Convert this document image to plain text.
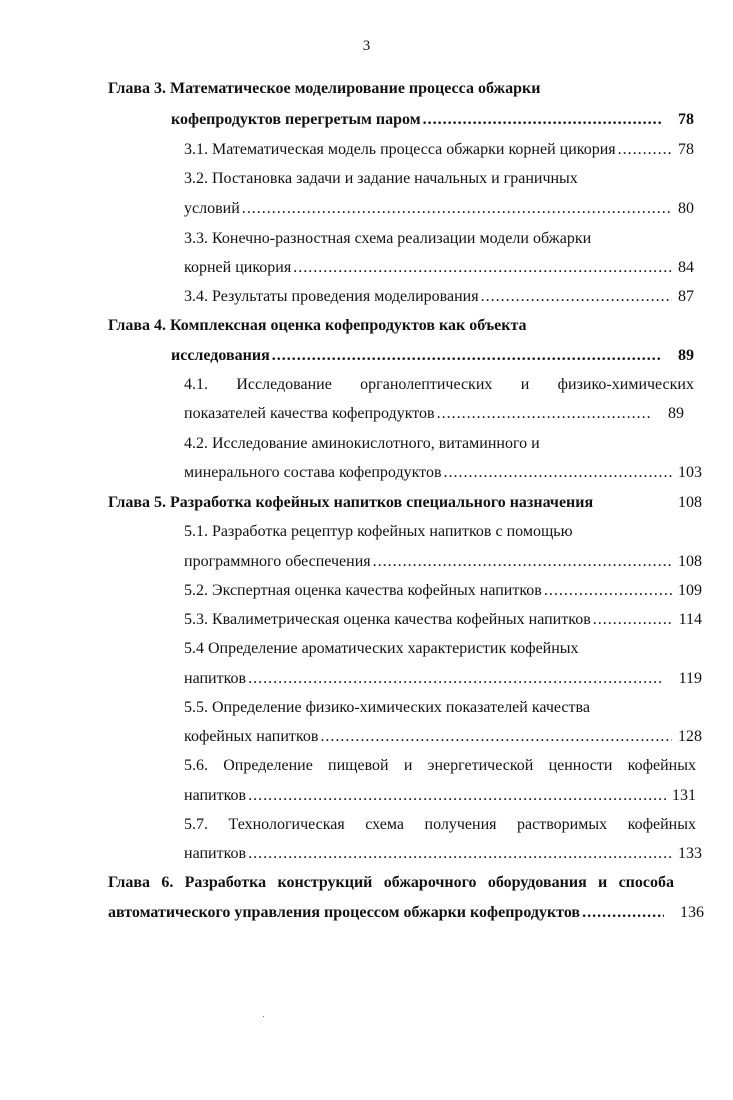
3
Глава 3. Математическое моделирование процесса обжарки
кофепродуктов перегретым паром .....	78
3.1. Математическая модель процесса обжарки корней цикория .....	78
3.2. Постановка задачи и задание начальных и граничных
условий .....	80
3.3. Конечно-разностная схема реализации модели обжарки
корней цикория .....	84
3.4. Результаты проведения моделирования .....	87
Глава 4. Комплексная оценка кофепродуктов как объекта
исследования .....	89
4.1. Исследование органолептических и физико-химических
показателей качества кофепродуктов .....	89
4.2. Исследование аминокислотного, витаминного и
минерального состава кофепродуктов .....	103
Глава 5. Разработка кофейных напитков специального назначения	108
5.1. Разработка рецептур кофейных напитков с помощью
программного обеспечения .....	108
5.2. Экспертная оценка качества кофейных напитков .....	109
5.3. Квалиметрическая оценка качества кофейных напитков .....	114
5.4 Определение ароматических характеристик кофейных
напитков .....	119
5.5. Определение физико-химических показателей качества
кофейных напитков .....	128
5.6. Определение пищевой и энергетической ценности кофейных
напитков .....	131
5.7. Технологическая схема получения растворимых кофейных
напитков .....	133
Глава 6. Разработка конструкций обжарочного оборудования и способа
автоматического управления процессом обжарки кофепродуктов .....	136
